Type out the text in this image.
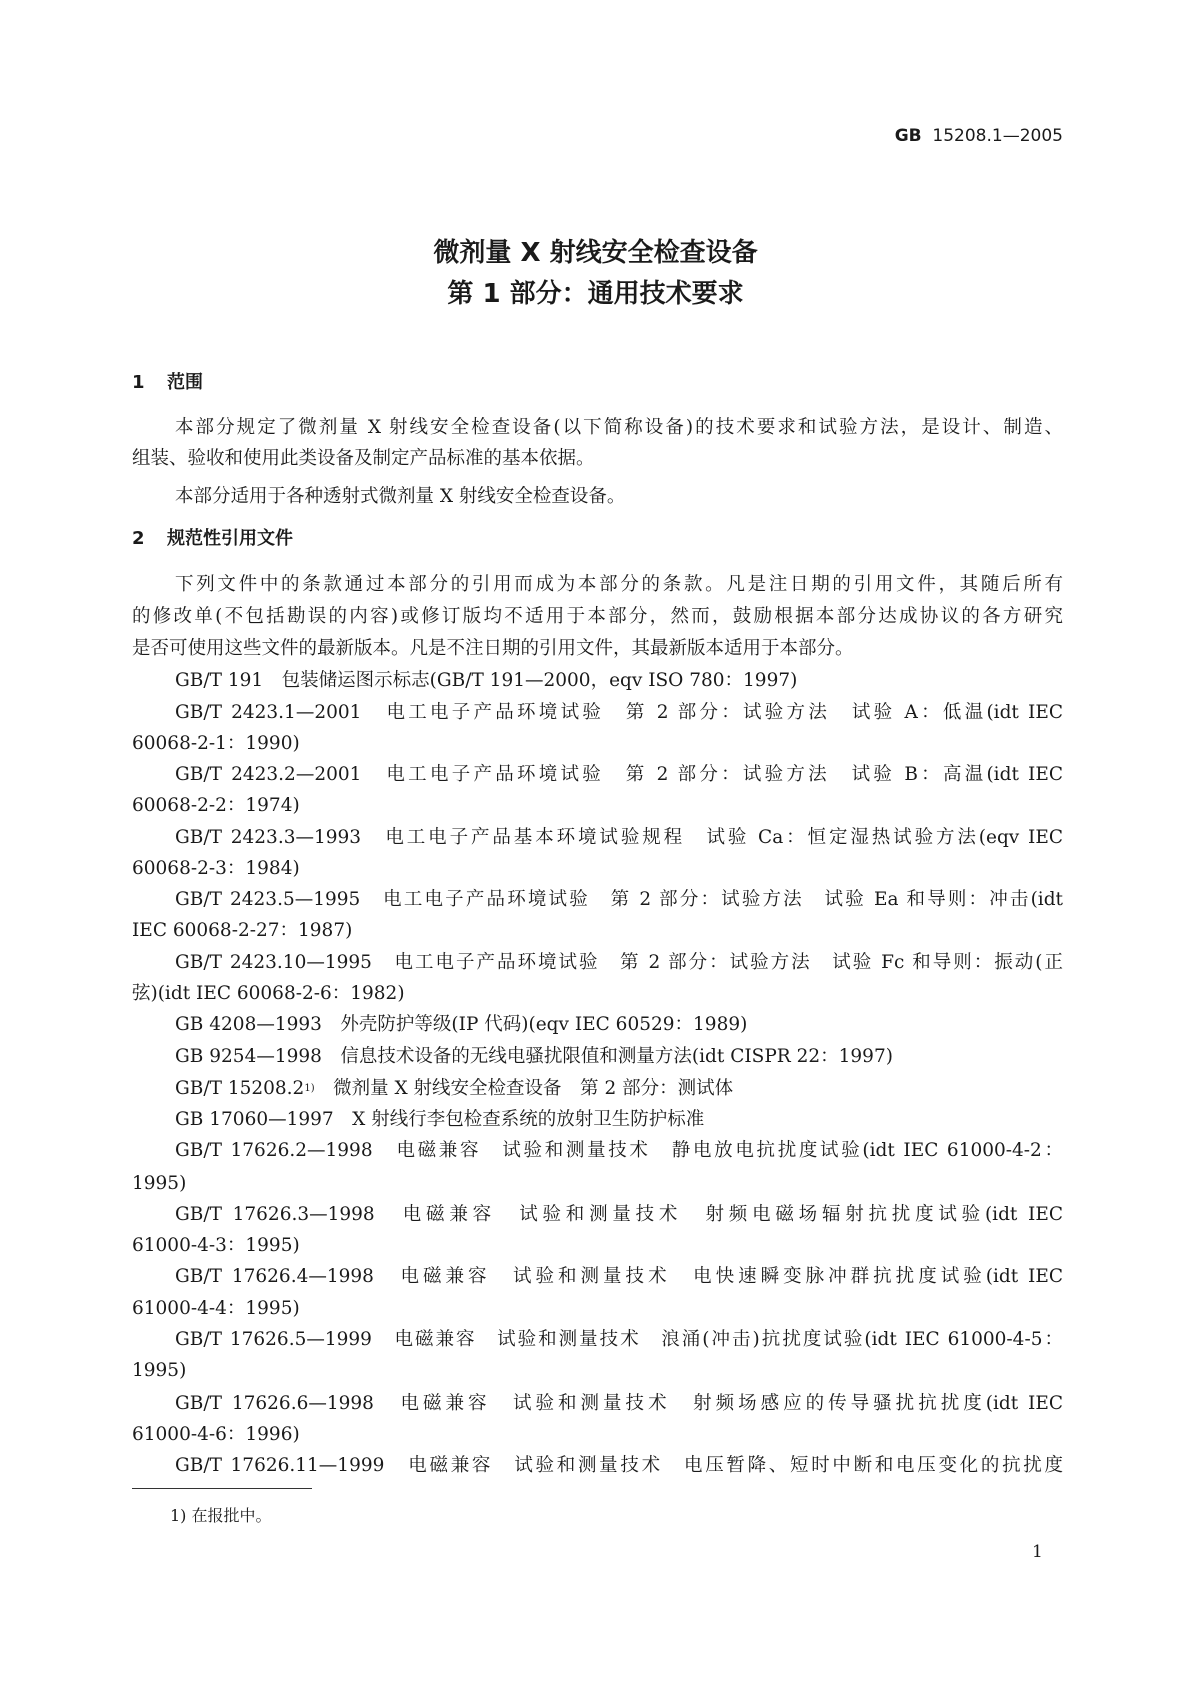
GB 15208.1—2005
微剂量 X 射线安全检查设备
第 1 部分：通用技术要求
1 范围
本部分规定了微剂量 X 射线安全检查设备(以下简称设备)的技术要求和试验方法，是设计、制造、
组装、验收和使用此类设备及制定产品标准的基本依据。
本部分适用于各种透射式微剂量 X 射线安全检查设备。
2 规范性引用文件
下列文件中的条款通过本部分的引用而成为本部分的条款。凡是注日期的引用文件，其随后所有
的修改单(不包括勘误的内容)或修订版均不适用于本部分，然而，鼓励根据本部分达成协议的各方研究
是否可使用这些文件的最新版本。凡是不注日期的引用文件，其最新版本适用于本部分。
GB/T 191　包装储运图示标志(GB/T 191—2000，eqv ISO 780：1997)
GB/T 2423.1—2001　电工电子产品环境试验　第 2 部分：试验方法　试验 A：低温(idt IEC
60068-2-1：1990)
GB/T 2423.2—2001　电工电子产品环境试验　第 2 部分：试验方法　试验 B：高温(idt IEC
60068-2-2：1974)
GB/T 2423.3—1993　电工电子产品基本环境试验规程　试验 Ca：恒定湿热试验方法(eqv IEC
60068-2-3：1984)
GB/T 2423.5—1995　电工电子产品环境试验　第 2 部分：试验方法　试验 Ea 和导则：冲击(idt
IEC 60068-2-27：1987)
GB/T 2423.10—1995　电工电子产品环境试验　第 2 部分：试验方法　试验 Fc 和导则：振动(正
弦)(idt IEC 60068-2-6：1982)
GB 4208—1993　外壳防护等级(IP 代码)(eqv IEC 60529：1989)
GB 9254—1998　信息技术设备的无线电骚扰限值和测量方法(idt CISPR 22：1997)
GB/T 15208.2$^{1)}$　 微剂量 X 射线安全检查设备　第 2 部分：测试体
GB 17060—1997　X 射线行李包检查系统的放射卫生防护标准
GB/T 17626.2—1998　电磁兼容　试验和测量技术　静电放电抗扰度试验(idt IEC 61000-4-2：
1995)
GB/T 17626.3—1998　电磁兼容　试验和测量技术　射频电磁场辐射抗扰度试验(idt IEC
61000-4-3：1995)
GB/T 17626.4—1998　电磁兼容　试验和测量技术　电快速瞬变脉冲群抗扰度试验(idt IEC
61000-4-4：1995)
GB/T 17626.5—1999　电磁兼容　试验和测量技术　浪涌(冲击)抗扰度试验(idt IEC 61000-4-5：
1995)
GB/T 17626.6—1998　电磁兼容　试验和测量技术　射频场感应的传导骚扰抗扰度(idt IEC
61000-4-6：1996)
GB/T 17626.11—1999　电磁兼容　试验和测量技术　电压暂降、短时中断和电压变化的抗扰度
1) 在报批中。
1
